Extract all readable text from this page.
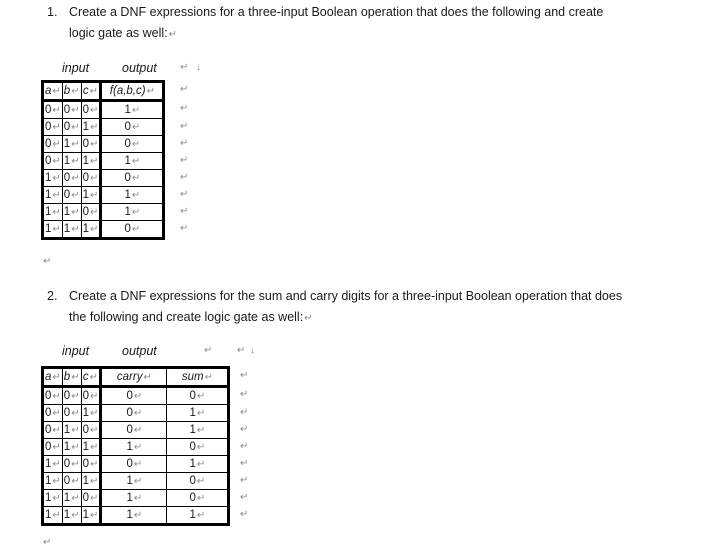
1. Create a DNF expressions for a three-input Boolean operation that does the following and create
logic gate as well:↵
input	output ↵ ↓
a↵	b↵	c↵	f(a,b,c)↵
0↵	0↵	0↵	1↵
0↵	0↵	1↵	0↵
0↵	1↵	0↵	0↵
0↵	1↵	1↵	1↵
1↵	0↵	0↵	0↵
1↵	0↵	1↵	1↵
1↵	1↵	0↵	1↵
1↵	1↵	1↵	0↵
↵
↵
↵
↵
↵
↵
↵
↵
↵
↵
2. Create a DNF expressions for the sum and carry digits for a three-input Boolean operation that does
the following and create logic gate as well:↵
input	output	↵ ↵ ↓
a↵	b↵	c↵	carry↵	sum↵
0↵	0↵	0↵	0↵	0↵
0↵	0↵	1↵	0↵	1↵
0↵	1↵	0↵	0↵	1↵
0↵	1↵	1↵	1↵	0↵
1↵	0↵	0↵	0↵	1↵
1↵	0↵	1↵	1↵	0↵
1↵	1↵	0↵	1↵	0↵
1↵	1↵	1↵	1↵	1↵
↵
↵
↵
↵
↵
↵
↵
↵
↵
↵
